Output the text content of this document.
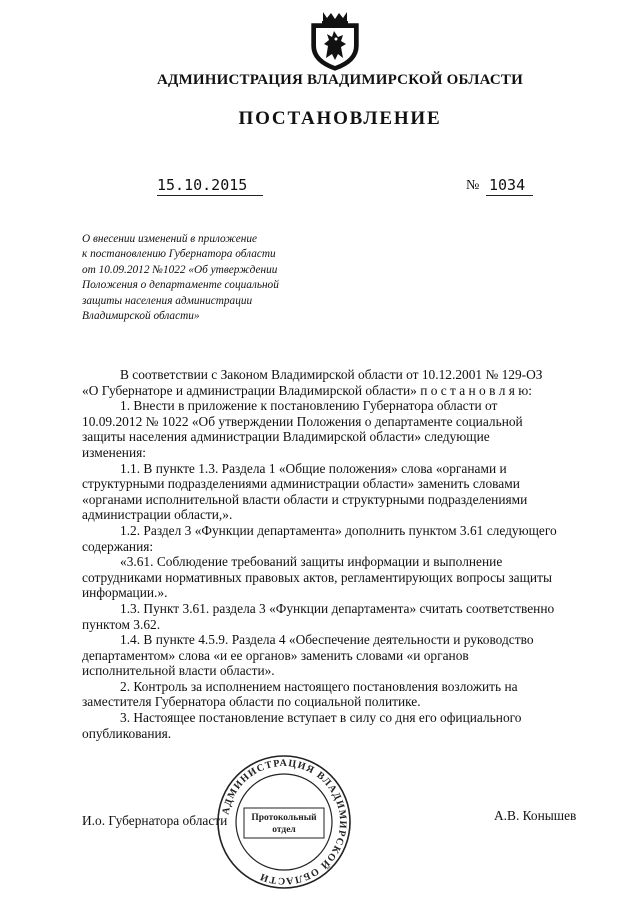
АДМИНИСТРАЦИЯ ВЛАДИМИРСКОЙ ОБЛАСТИ
ПОСТАНОВЛЕНИЕ
15.10.2015	№ 1034
О внесении изменений в приложение
к постановлению Губернатора области
от 10.09.2012 №1022 «Об утверждении
Положения о департаменте социальной
защиты населения администрации
Владимирской области»
В соответствии с Законом Владимирской области от 10.12.2001 № 129-ОЗ
«О Губернаторе и администрации Владимирской области» п о с т а н о в л я ю:
1. Внести в приложение к постановлению Губернатора области от
10.09.2012 № 1022 «Об утверждении Положения о департаменте социальной
защиты населения администрации Владимирской области» следующие
изменения:
1.1. В пункте 1.3. Раздела 1 «Общие положения» слова «органами и
структурными подразделениями администрации области» заменить словами
«органами исполнительной власти области и структурными подразделениями
администрации области,».
1.2. Раздел 3 «Функции департамента» дополнить пунктом 3.61 следующего
содержания:
«3.61. Соблюдение требований защиты информации и выполнение
сотрудниками нормативных правовых актов, регламентирующих вопросы защиты
информации.».
1.3. Пункт 3.61. раздела 3 «Функции департамента» считать соответственно
пунктом 3.62.
1.4. В пункте 4.5.9. Раздела 4 «Обеспечение деятельности и руководство
департаментом» слова «и ее органов» заменить словами «и органов
исполнительной власти области».
2. Контроль за исполнением настоящего постановления возложить на
заместителя Губернатора области по социальной политике.
3. Настоящее постановление вступает в силу со дня его официального
опубликования.
И.о. Губернатора области	А.В. Конышев
АДМИНИСТРАЦИЯ ВЛАДИМИРСКОЙ ОБЛАСТИ
Протокольный
отдел
